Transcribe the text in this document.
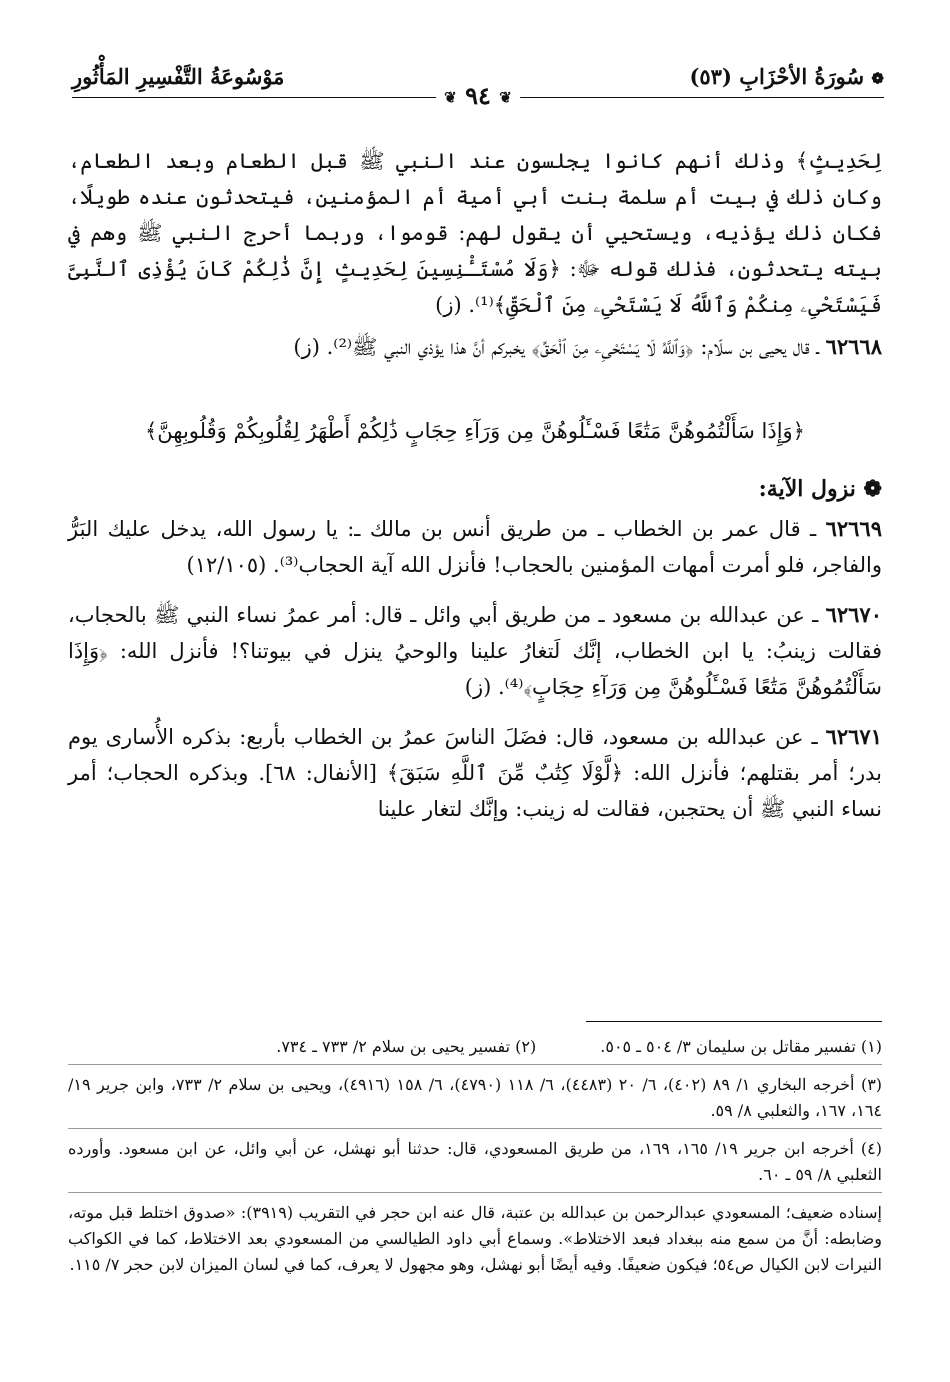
❁ سُورَةُ الأحْزَابِ (٥٣)
مَوْسُوعَةُ التَّفْسِيرِ المَأْثُورِ
❦ ٩٤ ❦

لِحَدِيثٍ﴾ وذلك أنهم كانوا يجلسون عند النبي ﷺ قبل الطعام وبعد الطعام، وكان ذلك في بيت أم سلمة بنت أبي أمية أم المؤمنين، فيتحدثون عنده طويلًا، فكان ذلك يؤذيه، ويستحيي أن يقول لهم: قوموا، وربما أحرج النبي ﷺ وهم في بيته يتحدثون، فذلك قوله ﷻ: ﴿وَلَا مُسْتَـْٔنِسِينَ لِحَدِيثٍ إِنَّ ذَٰلِكُمْ كَانَ يُؤْذِى ٱلنَّبِىَّ فَيَسْتَحْىِۦ مِنكُمْ وَٱللَّهُ لَا يَسْتَحْىِۦ مِنَ ٱلْحَقِّ﴾⁽¹⁾. (ز)

٦٢٦٦٨ ـ قال يحيى بن سلّام: ﴿وَٱللَّهُ لَا يَسْتَحْىِۦ مِنَ ٱلْحَقِّ﴾ يخبركم أنَّ هذا يؤذي النبي ﷺ⁽²⁾. (ز)

﴿وَإِذَا سَأَلْتُمُوهُنَّ مَتَٰعًا فَسْـَٔلُوهُنَّ مِن وَرَآءِ حِجَابٍ ذَٰلِكُمْ أَطْهَرُ لِقُلُوبِكُمْ وَقُلُوبِهِنَّ﴾

❁ نزول الآية:

٦٢٦٦٩ ـ قال عمر بن الخطاب ـ من طريق أنس بن مالك ـ: يا رسول الله، يدخل عليك البَرُّ والفاجر، فلو أمرت أمهات المؤمنين بالحجاب! فأنزل الله آية الحجاب⁽³⁾. (١٢/١٠٥)

٦٢٦٧٠ ـ عن عبدالله بن مسعود ـ من طريق أبي وائل ـ قال: أمر عمرُ نساء النبي ﷺ بالحجاب، فقالت زينبُ: يا ابن الخطاب، إنَّك لَتغارُ علينا والوحيُ ينزل في بيوتنا؟! فأنزل الله: ﴿وَإِذَا سَأَلْتُمُوهُنَّ مَتَٰعًا فَسْـَٔلُوهُنَّ مِن وَرَآءِ حِجَابٍ﴾⁽⁴⁾. (ز)

٦٢٦٧١ ـ عن عبدالله بن مسعود، قال: فضَلَ الناسَ عمرُ بن الخطاب بأربع: بذكره الأُسارى يوم بدر؛ أمر بقتلهم؛ فأنزل الله: ﴿لَّوْلَا كِتَٰبٌ مِّنَ ٱللَّهِ سَبَقَ﴾ [الأنفال: ٦٨]. وبذكره الحجاب؛ أمر نساء النبي ﷺ أن يحتجبن، فقالت له زينب: وإنَّك لتغار علينا

(١) تفسير مقاتل بن سليمان ٣/ ٥٠٤ ـ ٥٠٥.
(٢) تفسير يحيى بن سلام ٢/ ٧٣٣ ـ ٧٣٤.

(٣) أخرجه البخاري ١/ ٨٩ (٤٠٢)، ٦/ ٢٠ (٤٤٨٣)، ٦/ ١١٨ (٤٧٩٠)، ٦/ ١٥٨ (٤٩١٦)، ويحيى بن سلام ٢/ ٧٣٣، وابن جرير ١٩/ ١٦٤، ١٦٧، والثعلبي ٨/ ٥٩.

(٤) أخرجه ابن جرير ١٩/ ١٦٥، ١٦٩، من طريق المسعودي، قال: حدثنا أبو نهشل، عن أبي وائل، عن ابن مسعود. وأورده الثعلبي ٨/ ٥٩ ـ ٦٠.

إسناده ضعيف؛ المسعودي عبدالرحمن بن عبدالله بن عتبة، قال عنه ابن حجر في التقريب (٣٩١٩): «صدوق اختلط قبل موته، وضابطه: أنَّ من سمع منه ببغداد فبعد الاختلاط». وسماع أبي داود الطيالسي من المسعودي بعد الاختلاط، كما في الكواكب النيرات لابن الكيال ص٥٤؛ فيكون ضعيفًا. وفيه أيضًا أبو نهشل، وهو مجهول لا يعرف، كما في لسان الميزان لابن حجر ٧/ ١١٥.
